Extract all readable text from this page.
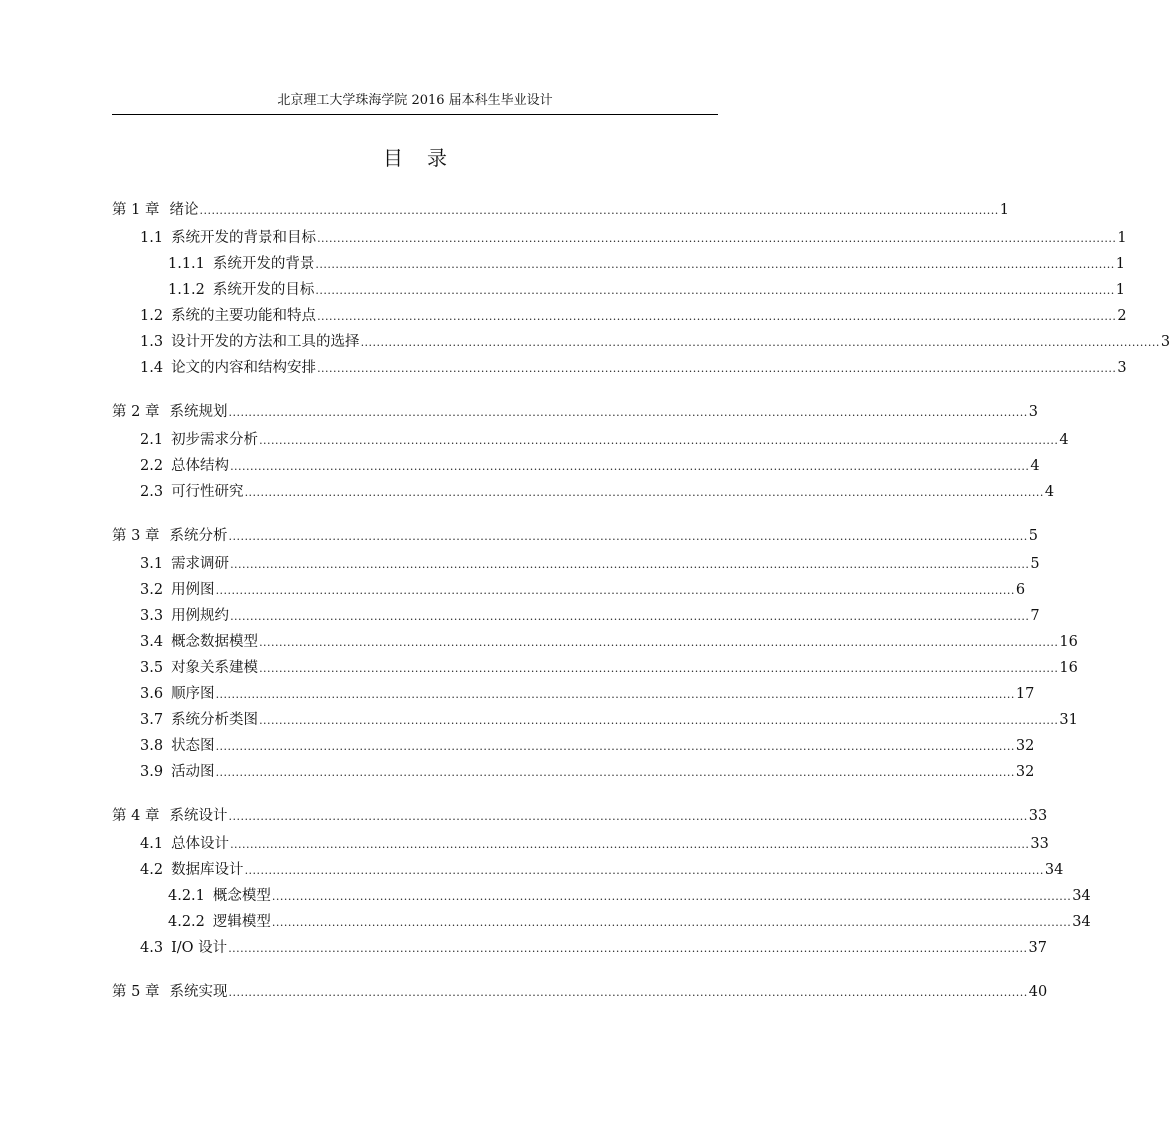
北京理工大学珠海学院 2016 届本科生毕业设计
目录
第 1 章 绪论 ........................................................................................................................................................................................................ 1
1.1 系统开发的背景和目标 ........................................................................................................................................................................................................ 1
1.1.1 系统开发的背景 ........................................................................................................................................................................................................ 1
1.1.2 系统开发的目标 ........................................................................................................................................................................................................ 1
1.2 系统的主要功能和特点 ........................................................................................................................................................................................................ 2
1.3 设计开发的方法和工具的选择 ........................................................................................................................................................................................................ 3
1.4 论文的内容和结构安排 ........................................................................................................................................................................................................ 3
第 2 章 系统规划 ........................................................................................................................................................................................................ 3
2.1 初步需求分析 ........................................................................................................................................................................................................ 4
2.2 总体结构 ........................................................................................................................................................................................................ 4
2.3 可行性研究 ........................................................................................................................................................................................................ 4
第 3 章 系统分析 ........................................................................................................................................................................................................ 5
3.1 需求调研 ........................................................................................................................................................................................................ 5
3.2 用例图 ........................................................................................................................................................................................................ 6
3.3 用例规约 ........................................................................................................................................................................................................ 7
3.4 概念数据模型 ........................................................................................................................................................................................................ 16
3.5 对象关系建模 ........................................................................................................................................................................................................ 16
3.6 顺序图 ........................................................................................................................................................................................................ 17
3.7 系统分析类图 ........................................................................................................................................................................................................ 31
3.8 状态图 ........................................................................................................................................................................................................ 32
3.9 活动图 ........................................................................................................................................................................................................ 32
第 4 章 系统设计 ........................................................................................................................................................................................................ 33
4.1 总体设计 ........................................................................................................................................................................................................ 33
4.2 数据库设计 ........................................................................................................................................................................................................ 34
4.2.1 概念模型 ........................................................................................................................................................................................................ 34
4.2.2 逻辑模型 ........................................................................................................................................................................................................ 34
4.3 I/O 设计 ........................................................................................................................................................................................................ 37
第 5 章 系统实现 ........................................................................................................................................................................................................ 40
